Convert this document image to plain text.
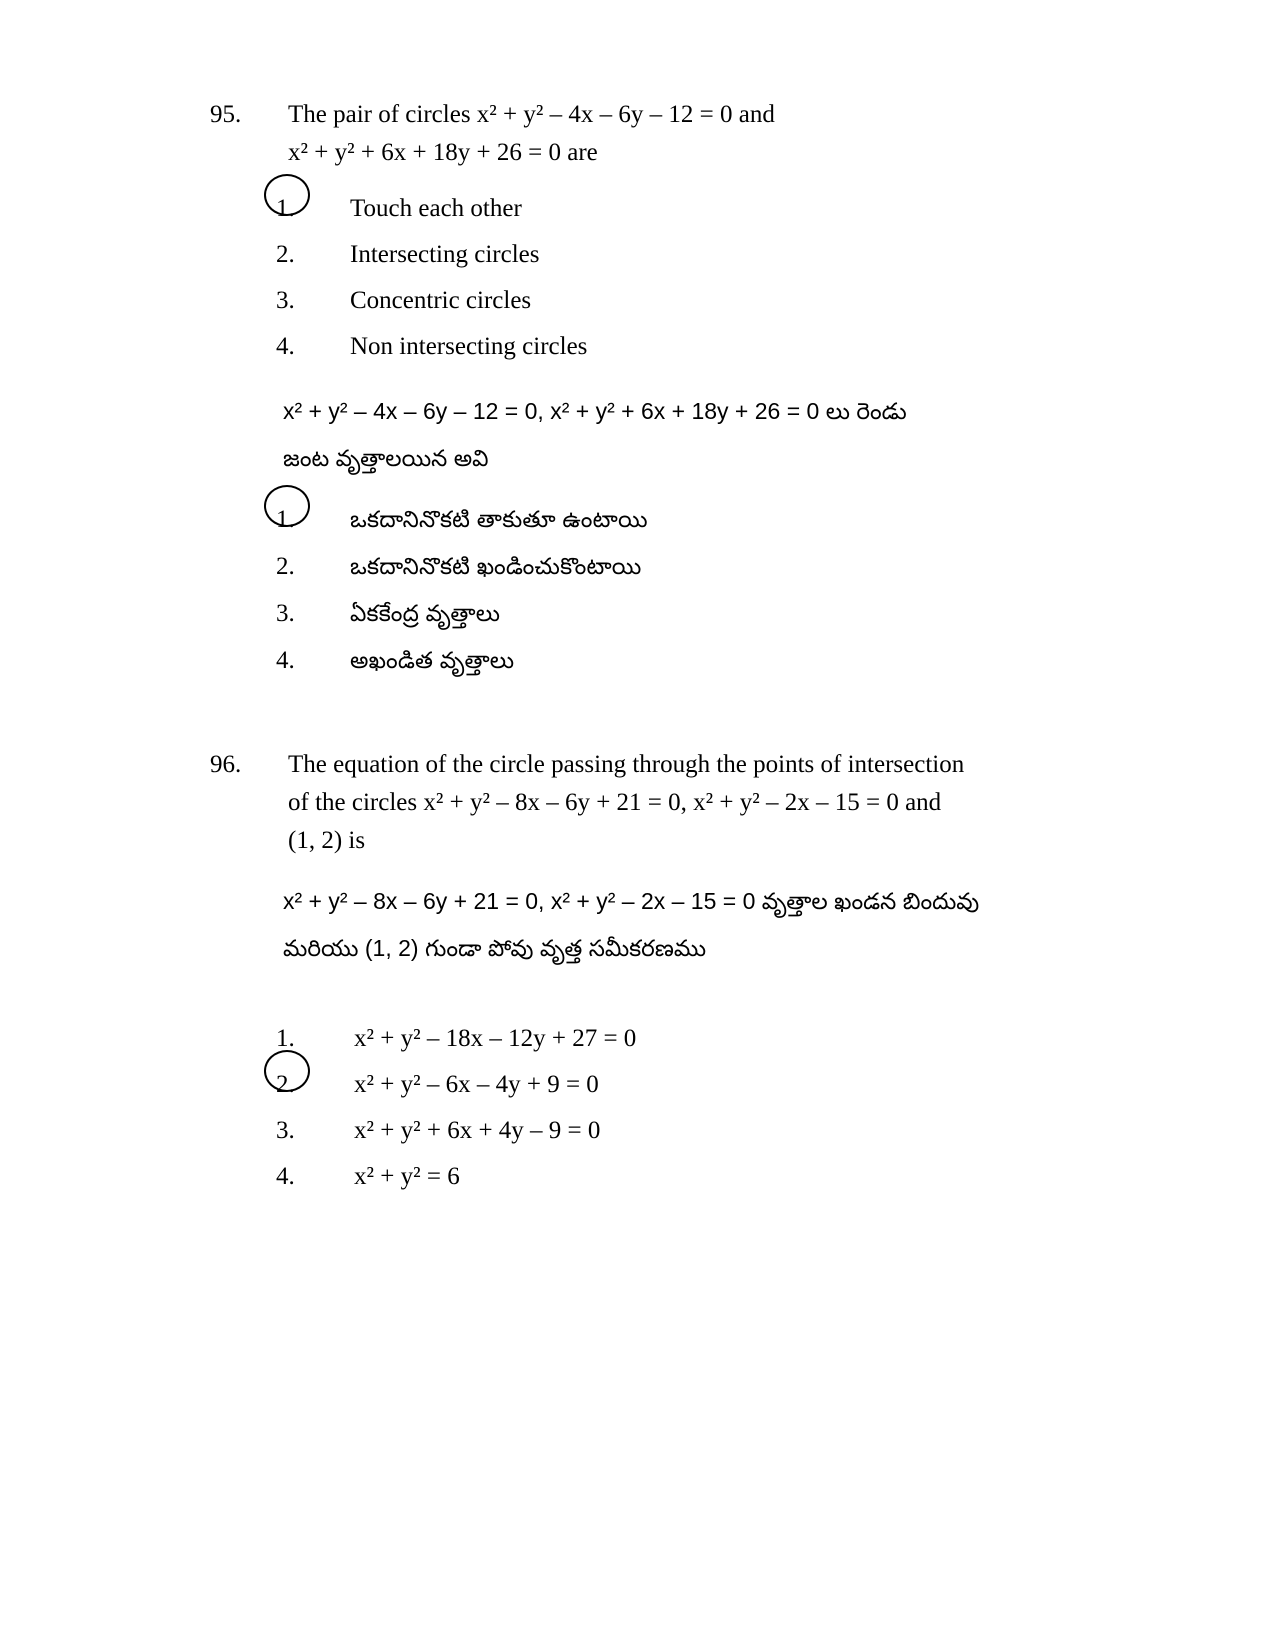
95.	The pair of circles x² + y² – 4x – 6y – 12 = 0 and
x² + y² + 6x + 18y + 26 = 0 are
1.	Touch each other
2.	Intersecting circles
3.	Concentric circles
4.	Non intersecting circles
x² + y² – 4x – 6y – 12 = 0, x² + y² + 6x + 18y + 26 = 0 లు రెండు
జంట వృత్తాలయిన అవి
1.	ఒకదానినొకటి తాకుతూ ఉంటాయి
2.	ఒకదానినొకటి ఖండించుకొంటాయి
3.	ఏకకేంద్ర వృత్తాలు
4.	అఖండిత వృత్తాలు
96.	The equation of the circle passing through the points of intersection
of the circles x² + y² – 8x – 6y + 21 = 0, x² + y² – 2x – 15 = 0 and
(1, 2) is
x² + y² – 8x – 6y + 21 = 0, x² + y² – 2x – 15 = 0 వృత్తాల ఖండన బిందువు
మరియు (1, 2) గుండా పోవు వృత్త సమీకరణము
1.	x² + y² – 18x – 12y + 27 = 0
2.	x² + y² – 6x – 4y + 9 = 0
3.	x² + y² + 6x + 4y – 9 = 0
4.	x² + y² = 6
